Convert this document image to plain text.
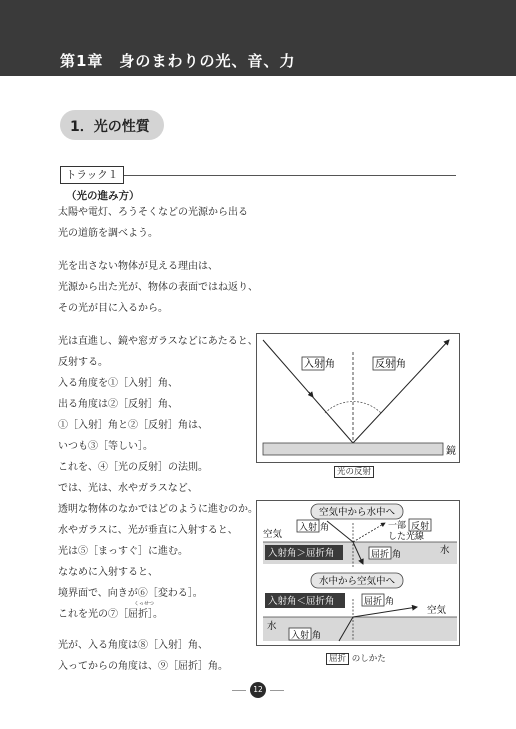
第1章　身のまわりの光、音、力
1．光の性質
トラック１
（光の進み方）
太陽や電灯、ろうそくなどの光源から出る
光の道筋を調べよう。
光を出さない物体が見える理由は、
光源から出た光が、物体の表面ではね返り、
その光が目に入るから。
光は直進し、鏡や窓ガラスなどにあたると、
反射する。
入る角度を①［入射］角、
出る角度は②［反射］角、
①［入射］角と②［反射］角は、
いつも③［等しい］。
これを、④［光の反射］の法則。
では、光は、水やガラスなど、
透明な物体のなかではどのように進むのか。
水やガラスに、光が垂直に入射すると、
光は⑤［まっすぐ］に進む。
ななめに入射すると、
境界面で、向きが⑥［変わる］。
これを光の⑦［屈折］。
くっせつ
光が、入る角度は⑧［入射］角、
入ってからの角度は、⑨［屈折］角。
入射 角	反射 角
鏡
光の反射
空気中から水中へ
空気
入射 角	一部 反射
した光線
入射角＞屈折角	屈折 角	水
水中から空気中へ
入射角＜屈折角	屈折 角
空気
水
入射 角
屈折 のしかた
12
